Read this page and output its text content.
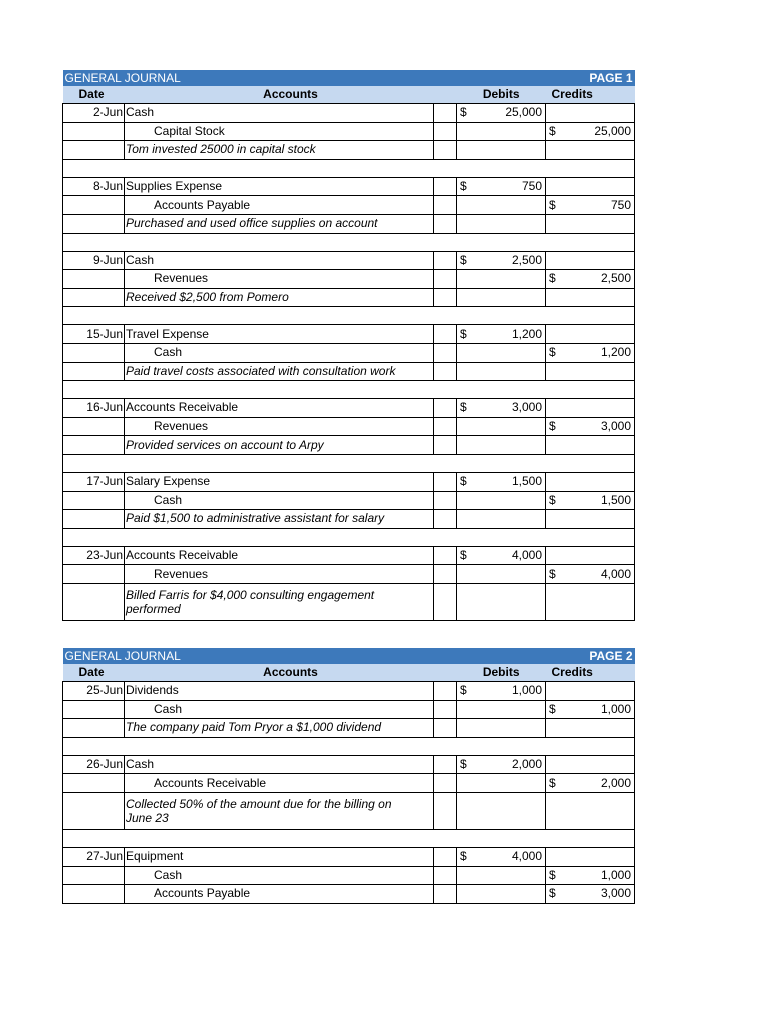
GENERAL JOURNAL					PAGE 1	
Date	Accounts		Debits		Credits	
2-Jun	Cash		$	25,000		
	Capital Stock				$	25,000
	Tom invested 25000 in capital stock					

8-Jun	Supplies Expense		$	750		
	Accounts Payable				$	750
	Purchased and used office supplies on account					

9-Jun	Cash		$	2,500		
	Revenues				$	2,500
	Received $2,500 from Pomero					

15-Jun	Travel Expense		$	1,200		
	Cash				$	1,200
	Paid travel costs associated with consultation work					

16-Jun	Accounts Receivable		$	3,000		
	Revenues				$	3,000
	Provided services on account to Arpy					

17-Jun	Salary Expense		$	1,500		
	Cash				$	1,500
	Paid $1,500 to administrative assistant for salary					

23-Jun	Accounts Receivable		$	4,000		
	Revenues				$	4,000
	Billed Farris for $4,000 consulting engagement performed					
GENERAL JOURNAL					PAGE 2	
Date	Accounts		Debits		Credits	
25-Jun	Dividends		$	1,000		
	Cash				$	1,000
	The company paid Tom Pryor a $1,000 dividend					

26-Jun	Cash		$	2,000		
	Accounts Receivable				$	2,000
	Collected 50% of the amount due for the billing on June 23					

27-Jun	Equipment		$	4,000		
	Cash				$	1,000
	Accounts Payable				$	3,000
